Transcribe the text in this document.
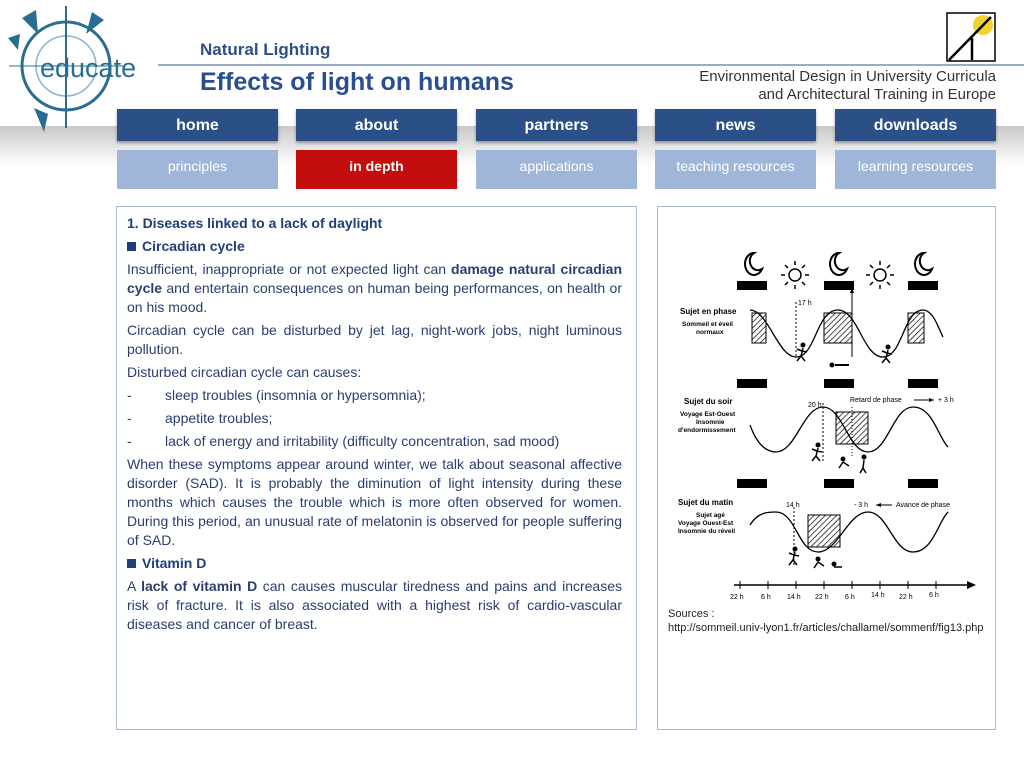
educate
Natural Lighting
Effects of light on humans	Environmental Design in University Curricula
and Architectural Training in Europe
home	about	partners	news	downloads
principles	in depth	applications	teaching resources	learning resources
1. Diseases linked to a lack of daylight
Circadian cycle

Insufficient, inappropriate or not expected light can damage natural circadian cycle and entertain consequences on human being performances, on health or on his mood.

Circadian cycle can be disturbed by jet lag, night-work jobs, night luminous pollution.

Disturbed circadian cycle can causes:

-	sleep troubles (insomnia or hypersomnia);
-	appetite troubles;
-	lack of energy and irritability (difficulty concentration, sad mood)

When these symptoms appear around winter, we talk about seasonal affective disorder (SAD). It is probably the diminution of light intensity during these months which causes the trouble which is more often observed for women. During this period, an unusual rate of melatonin is observed for people suffering of SAD.

Vitamin D

A lack of vitamin D can causes muscular tiredness and pains and increases risk of fracture. It is also associated with a highest risk of cardio-vascular diseases and cancer of breast.

Sujet en phase
Sommeil et éveil
normaux
17 h
Sujet du soir
Voyage Est-Ouest
Insomnie
d'endormissement
20 h
Retard de phase	+ 3 h
Sujet du matin
Sujet agé
Voyage Ouest-Est
Insomnie du réveil
14 h	- 3 h	Avance de phase
22 h 6 h 14 h 22 h 6 h 14 h 22 h 6 h
Sources :
http://sommeil.univ-lyon1.fr/articles/challamel/sommenf/fig13.php
